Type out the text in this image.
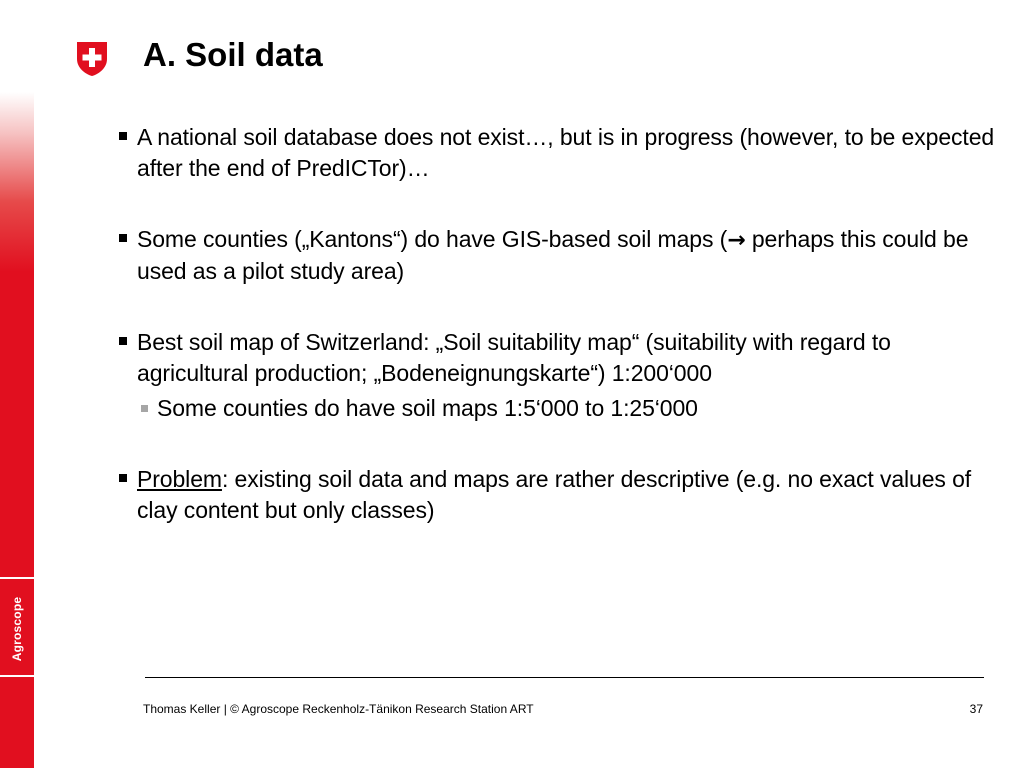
Agroscope
A. Soil data
A national soil database does not exist…, but is in progress (however, to be expected after the end of PredICTor)…
Some counties („Kantons“) do have GIS-based soil maps (→ perhaps this could be used as a pilot study area)
Best soil map of Switzerland: „Soil suitability map“ (suitability with regard to agricultural production; „Bodeneignungskarte“) 1:200‘000
Some counties do have soil maps 1:5‘000 to 1:25‘000
Problem: existing soil data and maps are rather descriptive (e.g. no exact values of clay content but only classes)
Thomas Keller | © Agroscope Reckenholz-Tänikon Research Station ART	37
